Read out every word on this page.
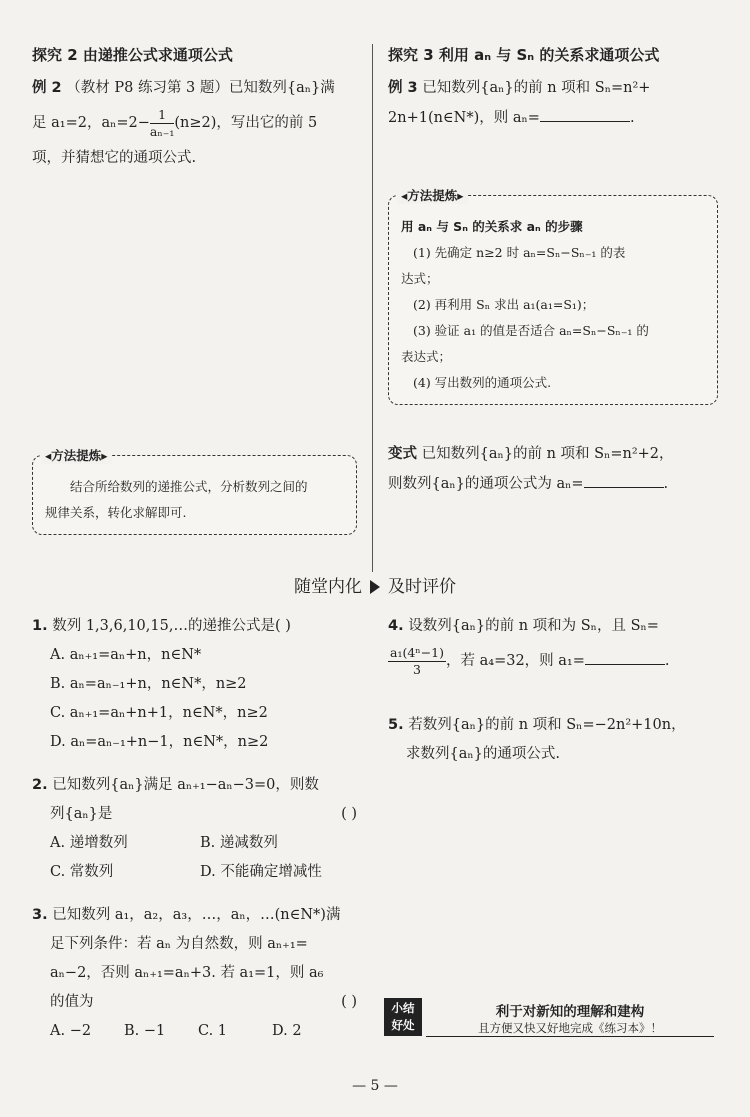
探究 2 由递推公式求通项公式

例 2 （教材 P8 练习第 3 题）已知数列{aₙ}满

足 a₁=2，$a_n=2- \frac{1}{\text{aₙ₋₁}} (n\ge 2)$，写出它的前 5

项，并猜想它的通项公式.

◂方法提炼▸
结合所给数列的递推公式，分析数列之间的
规律关系，转化求解即可.
探究 3 利用 aₙ 与 Sₙ 的关系求通项公式

例 3 已知数列{aₙ}的前 n 项和 Sₙ=n²+

2n+1(n∈N*)，则 aₙ=	.

◂方法提炼▸
用 aₙ 与 Sₙ 的关系求 aₙ 的步骤
(1) 先确定 n≥2 时 aₙ=Sₙ−Sₙ₋₁ 的表
达式；
(2) 再利用 Sₙ 求出 a₁(a₁=S₁)；
(3) 验证 a₁ 的值是否适合 aₙ=Sₙ−Sₙ₋₁ 的
表达式；
(4) 写出数列的通项公式.

变式 已知数列{aₙ}的前 n 项和 Sₙ=n²+2，

则数列{aₙ}的通项公式为 aₙ=	.

随堂内化 及时评价

1. 数列 1,3,6,10,15,…的递推公式是( )

A. aₙ₊₁=aₙ+n，n∈N*

B. aₙ=aₙ₋₁+n，n∈N*，n≥2

C. aₙ₊₁=aₙ+n+1，n∈N*，n≥2

D. aₙ=aₙ₋₁+n−1，n∈N*，n≥2

2. 已知数列{aₙ}满足 aₙ₊₁−aₙ−3=0，则数

列{aₙ}是	( )

A. 递增数列	B. 递减数列
C. 常数列	D. 不能确定增减性

3. 已知数列 a₁，a₂，a₃，…，aₙ，…(n∈N*)满

足下列条件：若 aₙ 为自然数，则 aₙ₊₁=

aₙ−2，否则 aₙ₊₁=aₙ+3. 若 a₁=1，则 a₆

的值为	( )

A. −2	B. −1	C. 1	D. 2

4. 设数列{aₙ}的前 n 项和为 Sₙ，且 Sₙ=

$\frac{\text{a₁(4ⁿ−1)}}{3}$ ，若 a₄=32，则 a₁=	.

5. 若数列{aₙ}的前 n 项和 Sₙ=−2n²+10n，

求数列{aₙ}的通项公式.

小结
好处
利于对新知的理解和建构
且方便又快又好地完成《练习本》！
— 5 —
